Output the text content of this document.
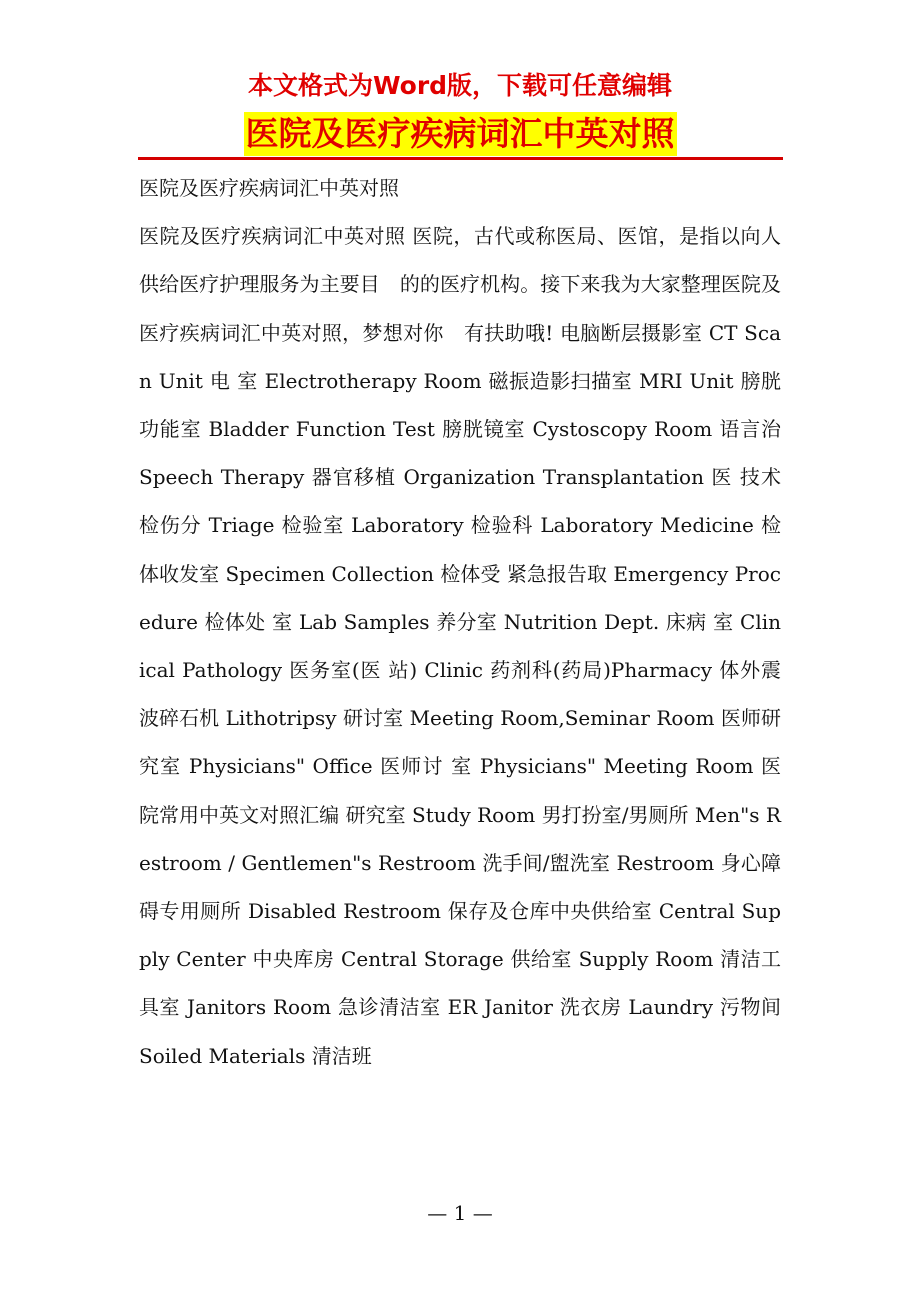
本文格式为Word版，下载可任意编辑
医院及医疗疾病词汇中英对照
医院及医疗疾病词汇中英对照
医院及医疗疾病词汇中英对照 医院，古代或称医局、医馆，是指以向人供给医疗护理服务为主要目　的的医疗机构。接下来我为大家整理医院及医疗疾病词汇中英对照，梦想对你　有扶助哦! 电脑断层摄影室 CT Scan Unit 电 室 Electrotherapy Room 磁振造影扫描室 MRI Unit 膀胱功能室 Bladder Function Test 膀胱镜室 Cystoscopy Room 语言治 Speech Therapy 器官移植 Organization Transplantation 医 技术检伤分 Triage 检验室 Laboratory 检验科 Laboratory Medicine 检体收发室 Specimen Collection 检体受 紧急报告取 Emergency Procedure 检体处 室 Lab Samples 养分室 Nutrition Dept. 床病 室 Clinical Pathology 医务室(医 站) Clinic 药剂科(药局)Pharmacy 体外震波碎石机 Lithotripsy 研讨室 Meeting Room,Seminar Room 医师研究室 Physicians" Office 医师讨 室 Physicians" Meeting Room 医院常用中英文对照汇编 研究室 Study Room 男打扮室/男厕所 Men"s Restroom / Gentlemen"s Restroom 洗手间/盥洗室 Restroom 身心障碍专用厕所 Disabled Restroom 保存及仓库中央供给室 Central Supply Center 中央库房 Central Storage 供给室 Supply Room 清洁工具室 Janitors Room 急诊清洁室 ER Janitor 洗衣房 Laundry 污物间 Soiled Materials 清洁班
— 1 —
